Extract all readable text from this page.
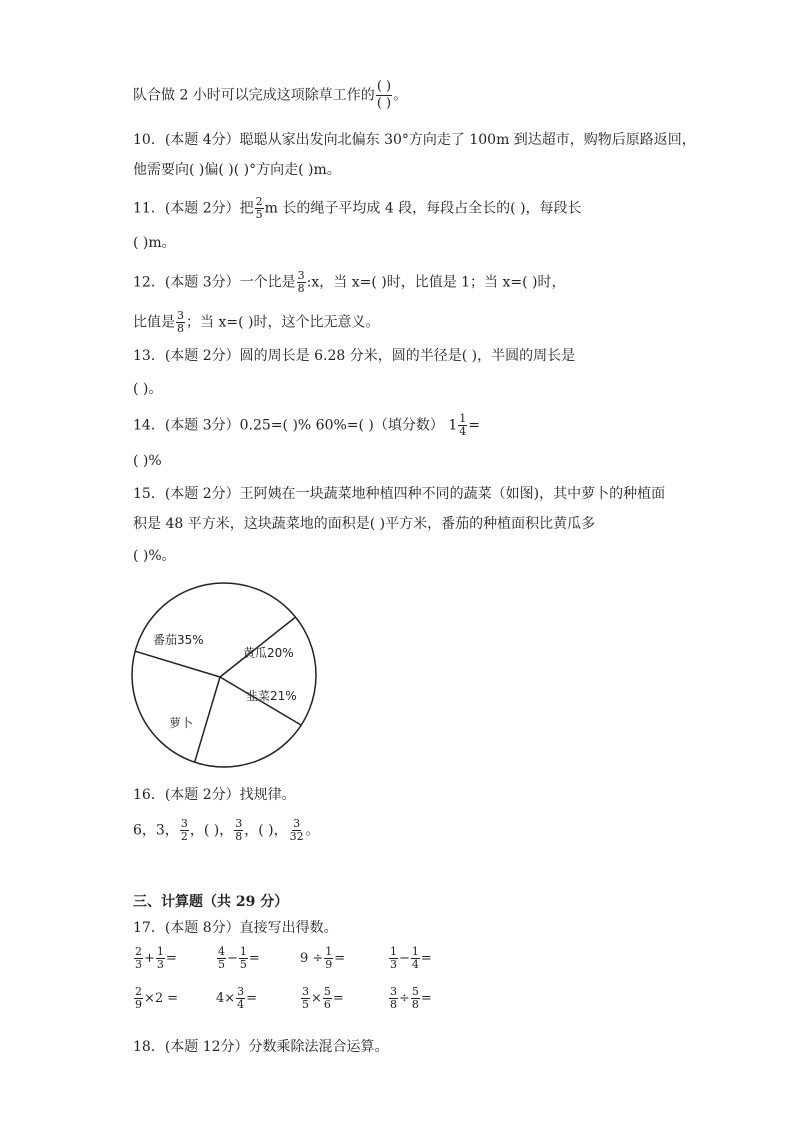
队合做 2 小时可以完成这项除草工作的 $\frac{( )}{( )}$ 。
10．(本题 4分）聪聪从家出发向北偏东 30°方向走了 100m 到达超市，购物后原路返回，
他需要向( )偏( )( )°方向走( )m。
11．(本题 2分）把 $\frac{2}{5}$ m 长的绳子平均成 4 段，每段占全长的( )，每段长
( )m。
12．(本题 3分）一个比是 $\frac{3}{8}$ :x，当 x=( )时，比值是 1；当 x=( )时，
比值是 $\frac{3}{8}$ ；当 x=( )时，这个比无意义。
13．(本题 2分）圆的周长是 6.28 分米，圆的半径是( )，半圆的周长是
( )。
14．(本题 3分）0.25=( )% 60%=( )（填分数） $1 \frac{1}{4}$ =
( )%
15．(本题 2分）王阿姨在一块蔬菜地种植四种不同的蔬菜（如图)，其中萝卜的种植面
积是 48 平方米，这块蔬菜地的面积是( )平方米，番茄的种植面积比黄瓜多
( )%。
番茄35%
黄瓜20%
韭菜21%
萝卜
16．(本题 2分）找规律。
6，3， $\frac{3}{2}$ ，( )， $\frac{3}{8}$ ，( )， $\frac{3}{32}$ 。
三、计算题（共 29 分）
17．(本题 8分）直接写出得数。
$\frac{2}{3} + \frac{1}{3}$ =	$\frac{4}{5} - \frac{1}{5}$ =	$9 \div \frac{1}{9}$ =	$\frac{1}{3} - \frac{1}{4}$ =
$\frac{2}{9} \times 2$ =	$4\times \frac{3}{4}$ =	$\frac{3}{5} \times \frac{5}{6}$ =	$\frac{3}{8} \div \frac{5}{8}$ =
18．(本题 12分）分数乘除法混合运算。
